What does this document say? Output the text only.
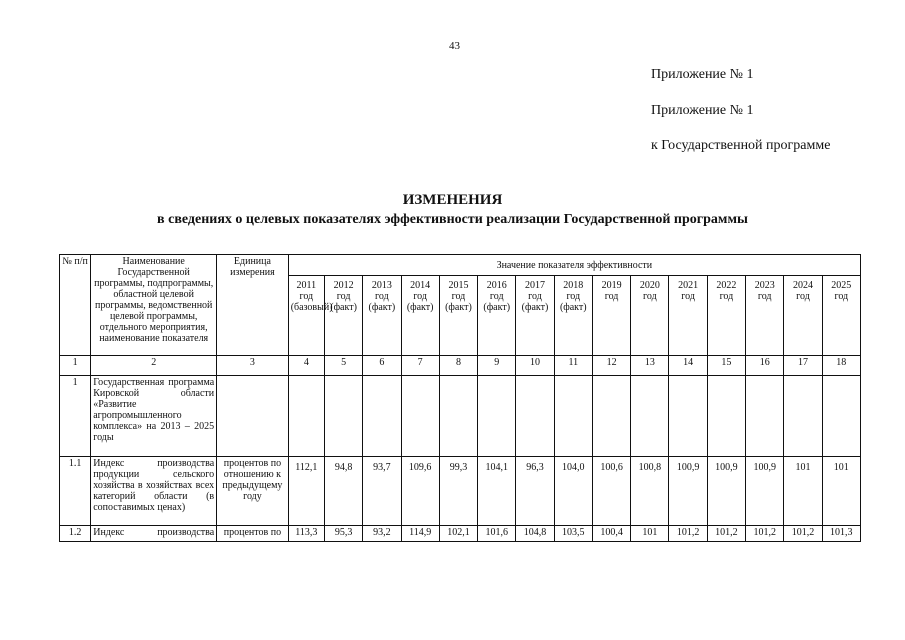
43
Приложение № 1
Приложение № 1
к Государственной программе
ИЗМЕНЕНИЯ
в сведениях о целевых показателях эффективности реализации Государственной программы
№ п/п	Наименование Государственной программы, подпрограммы, областной целевой программы, ведомственной целевой программы, отдельного мероприятия, наименование показателя	Единица измерения	Значение показателя эффективности														
			2011 год (базовый)	2012 год (факт)	2013 год (факт)	2014 год (факт)	2015 год (факт)	2016 год (факт)	2017 год (факт)	2018 год (факт)	2019 год	2020 год	2021 год	2022 год	2023 год	2024 год	2025 год
1	2	3	4	5	6	7	8	9	10	11	12	13	14	15	16	17	18
1	Государственная программа Кировской области «Развитие агропромышленного комплекса» на 2013 – 2025 годы																
1.1	Индекс производства продукции сельского хозяйства в хозяйствах всех категорий области (в сопоставимых ценах)	процентов по отношению к предыдущему году	112,1	94,8	93,7	109,6	99,3	104,1	96,3	104,0	100,6	100,8	100,9	100,9	100,9	101	101
1.2	Индекс производства	процентов по	113,3	95,3	93,2	114,9	102,1	101,6	104,8	103,5	100,4	101	101,2	101,2	101,2	101,2	101,3
